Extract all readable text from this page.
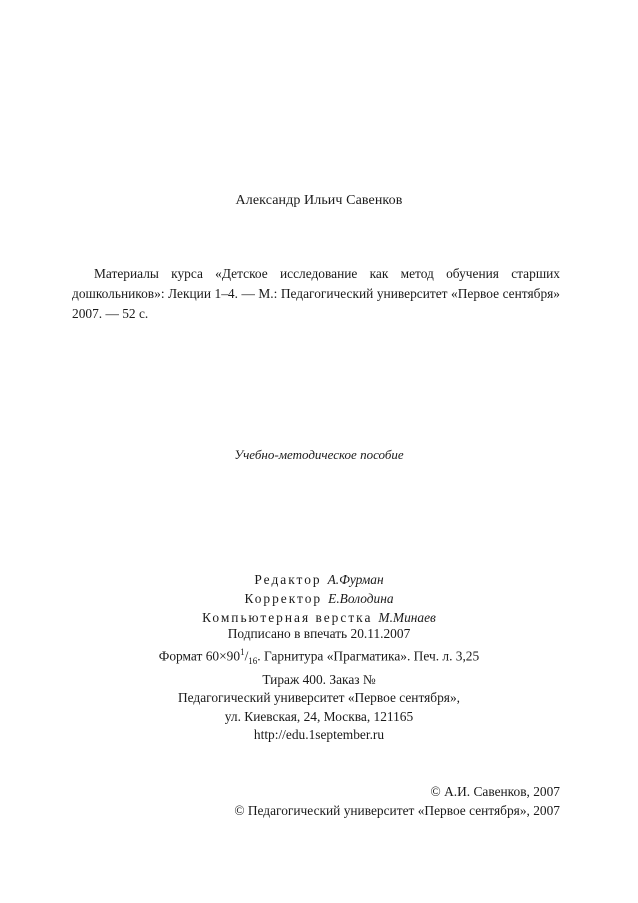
Александр Ильич Савенков
Материалы курса «Детское исследование как метод обучения старших дошкольников»: Лекции 1–4. — М.: Педагогический университет «Первое сентября» 2007. — 52 с.
Учебно-методическое пособие
Редактор А.Фурман
Корректор Е.Володина
Компьютерная верстка М.Минаев
Подписано в впечать 20.11.2007
Формат $60\times 90^1/_{16}$. Гарнитура «Прагматика». Печ. л. 3,25
Тираж 400. Заказ №
Педагогический университет «Первое сентября»,
ул. Киевская, 24, Москва, 121165
http://edu.1september.ru
© А.И. Савенков, 2007
© Педагогический университет «Первое сентября», 2007
